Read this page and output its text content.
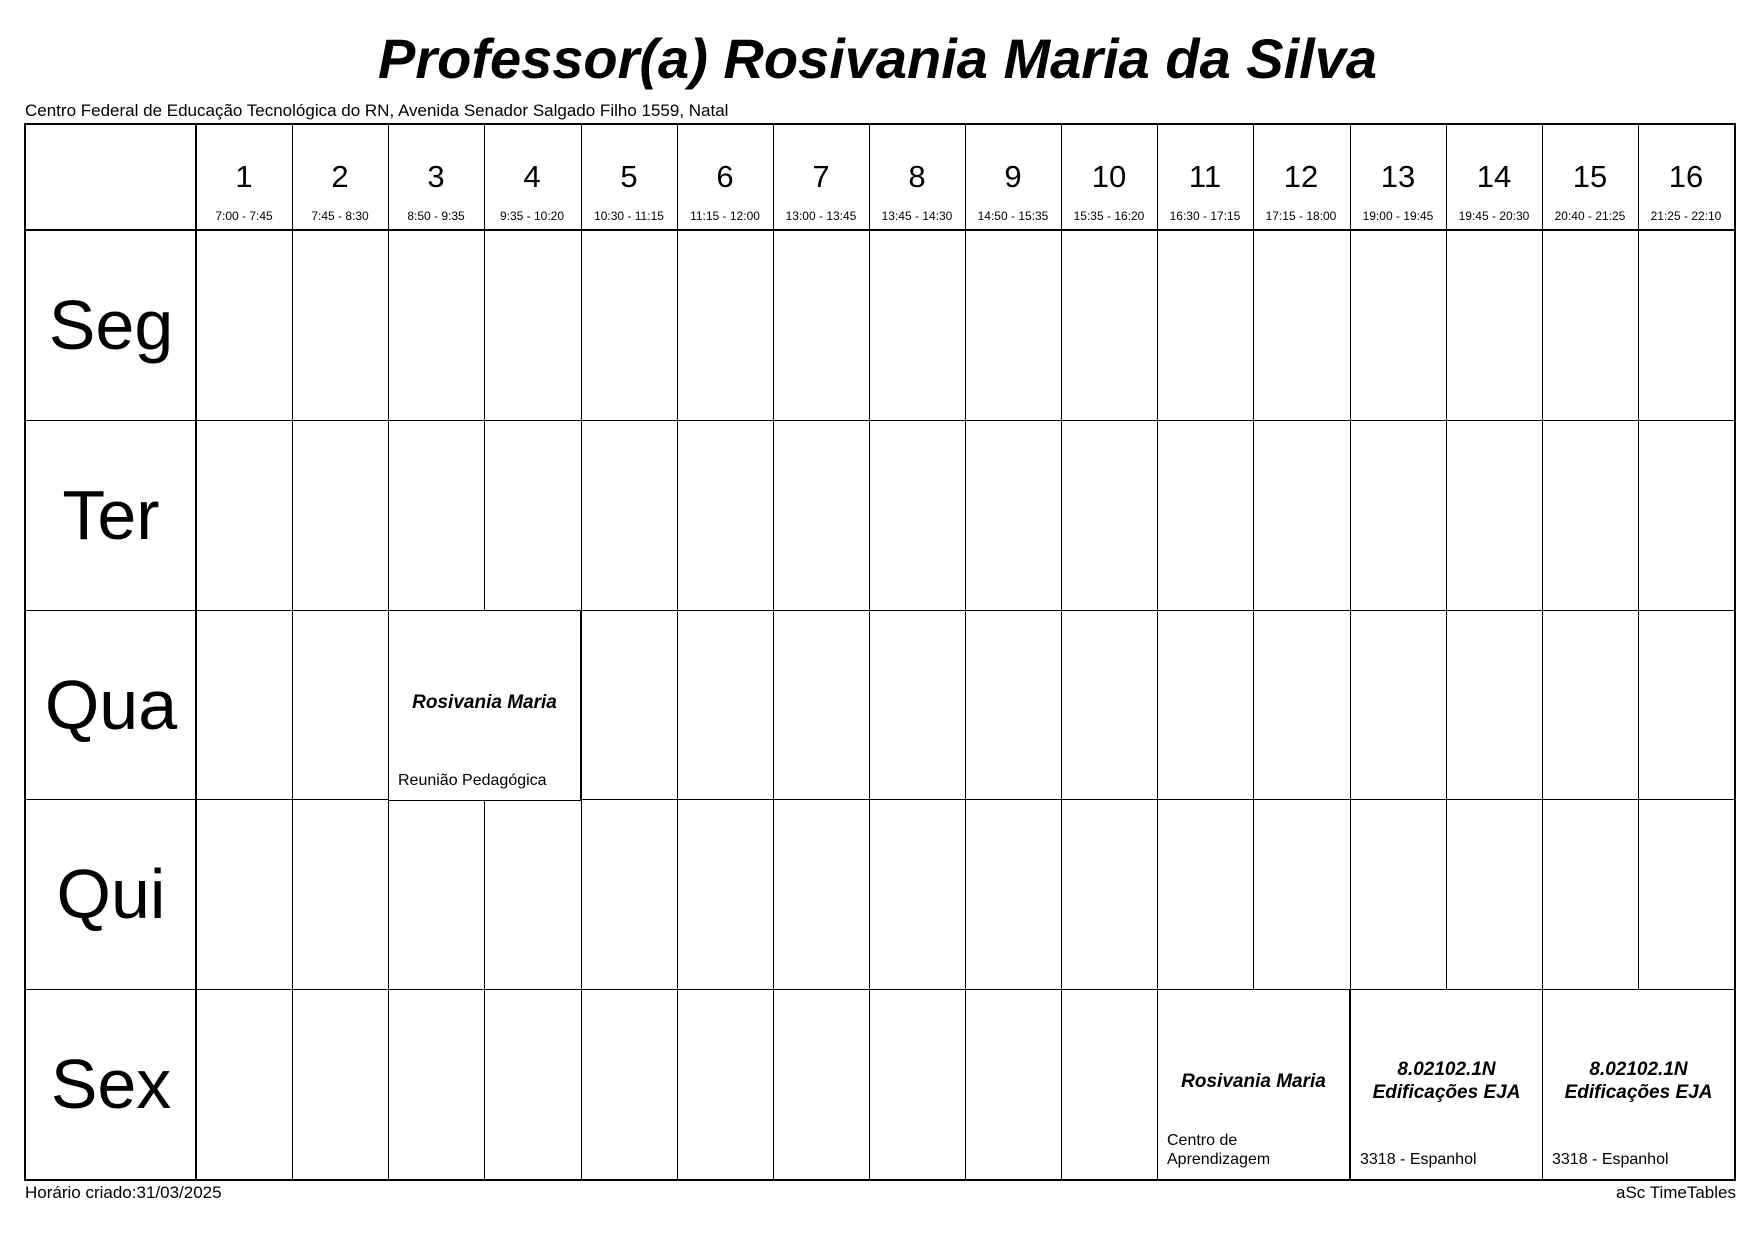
Professor(a) Rosivania Maria da Silva
Centro Federal de Educação Tecnológica do RN, Avenida Senador Salgado Filho 1559, Natal
1
7:00 - 7:45
2
7:45 - 8:30
3
8:50 - 9:35
4
9:35 - 10:20
5
10:30 - 11:15
6
11:15 - 12:00
7
13:00 - 13:45
8
13:45 - 14:30
9
14:50 - 15:35
10
15:35 - 16:20
11
16:30 - 17:15
12
17:15 - 18:00
13
19:00 - 19:45
14
19:45 - 20:30
15
20:40 - 21:25
16
21:25 - 22:10
Seg
Ter
Qua
Qui
Sex
Rosivania Maria
Reunião Pedagógica
Rosivania Maria
Centro de
Aprendizagem
8.02102.1N
Edificações EJA
3318 - Espanhol
8.02102.1N
Edificações EJA
3318 - Espanhol
Horário criado:31/03/2025	aSc TimeTables
